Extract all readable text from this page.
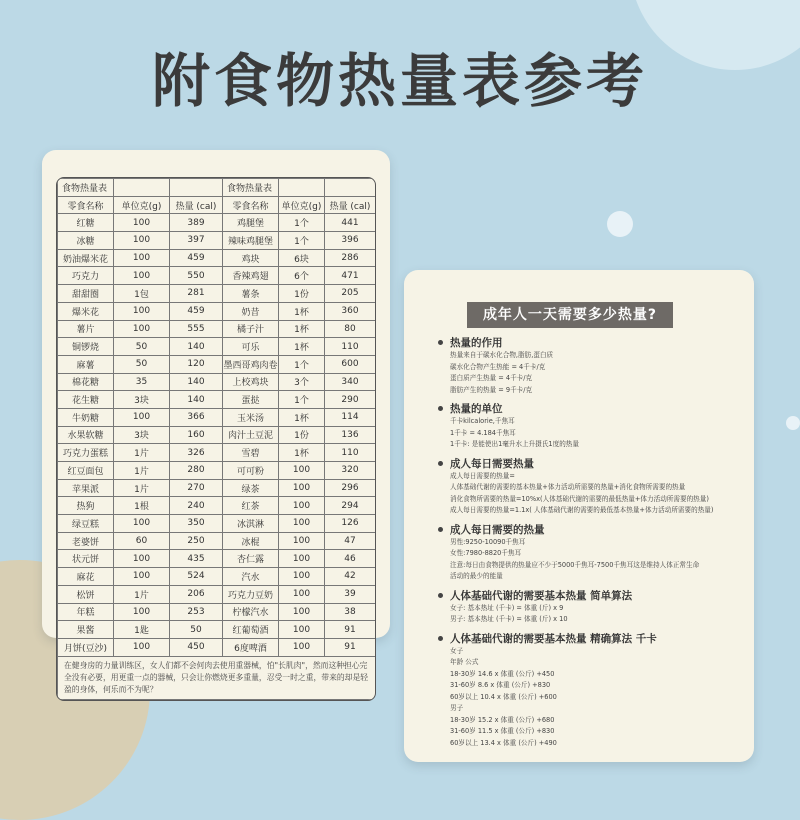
附食物热量表参考
食物热量表			食物热量表		
零食名称	单位克(g)	热量 (cal)	零食名称	单位克(g)	热量 (cal)
红糖	100	389	鸡腿堡	1个	441
冰糖	100	397	辣味鸡腿堡	1个	396
奶油爆米花	100	459	鸡块	6块	286
巧克力	100	550	香辣鸡翅	6个	471
甜甜圈	1包	281	薯条	1份	205
爆米花	100	459	奶昔	1杯	360
薯片	100	555	橘子汁	1杯	80
铜锣烧	50	140	可乐	1杯	110
麻薯	50	120	墨西哥鸡肉卷	1个	600
棉花糖	35	140	上校鸡块	3个	340
花生糖	3块	140	蛋挞	1个	290
牛奶糖	100	366	玉米汤	1杯	114
水果软糖	3块	160	肉汁土豆泥	1份	136
巧克力蛋糕	1片	326	雪碧	1杯	110
红豆面包	1片	280	可可粉	100	320
苹果派	1片	270	绿茶	100	296
热狗	1根	240	红茶	100	294
绿豆糕	100	350	冰淇淋	100	126
老婆饼	60	250	冰棍	100	47
状元饼	100	435	杏仁露	100	46
麻花	100	524	汽水	100	42
松饼	1片	206	巧克力豆奶	100	39
年糕	100	253	柠檬汽水	100	38
果酱	1匙	50	红葡萄酒	100	91
月饼(豆沙)	100	450	6度啤酒	100	91
在健身房的力量训练区，女人们都不会何肉去使用重器械，怕"长肌肉"，然而这种担心完全没有必要，用更重一点的器械，只会让你燃烧更多重量，忍受一时之重，带来的却是轻盈的身体，何乐而不为呢？					
成年人一天需要多少热量?
热量的作用
热量来自于碳水化合物,脂肪,蛋白质
碳水化合物产生热能 = 4千卡/克
蛋白质产生热量 = 4千卡/克
脂肪产生的热量 = 9千卡/克
热量的单位
千卡kilcalorie,千焦耳
1千卡 = 4.184千焦耳
1千卡: 是能使出1毫升水上升摄氏1度的热量
成人每日需要热量
成人每日需要的热量=
人体基础代谢的需要的基本热量+体力活动所需要的热量+消化食物所需要的热量
消化食物所需要的热量=10%x(人体基础代谢的需要的最低热量+体力活动所需要的热量)
成人每日需要的热量=1.1x( 人体基础代谢的需要的最低基本热量+体力活动所需要的热量)
成人每日需要的热量
男性:9250-10090千焦耳
女性:7980-8820千焦耳
注意:每日由食物提供的热量应不少于5000千焦耳-7500千焦耳这是维持人体正常生命
活动的最少的能量
人体基础代谢的需要基本热量 简单算法
女子: 基本热址 (千卡) = 体重 (斤) x 9
男子: 基本热址 (千卡) = 体重 (斤) x 10
人体基础代谢的需要基本热量 精确算法 千卡
女子
年龄 公式
18-30岁 14.6 x 体重 (公斤) +450
31-60岁 8.6 x 体重 (公斤) +830
60岁以上 10.4 x 体重 (公斤) +600
男子
18-30岁 15.2 x 体重 (公斤) +680
31-60岁 11.5 x 体重 (公斤) +830
60岁以上 13.4 x 体重 (公斤) +490
